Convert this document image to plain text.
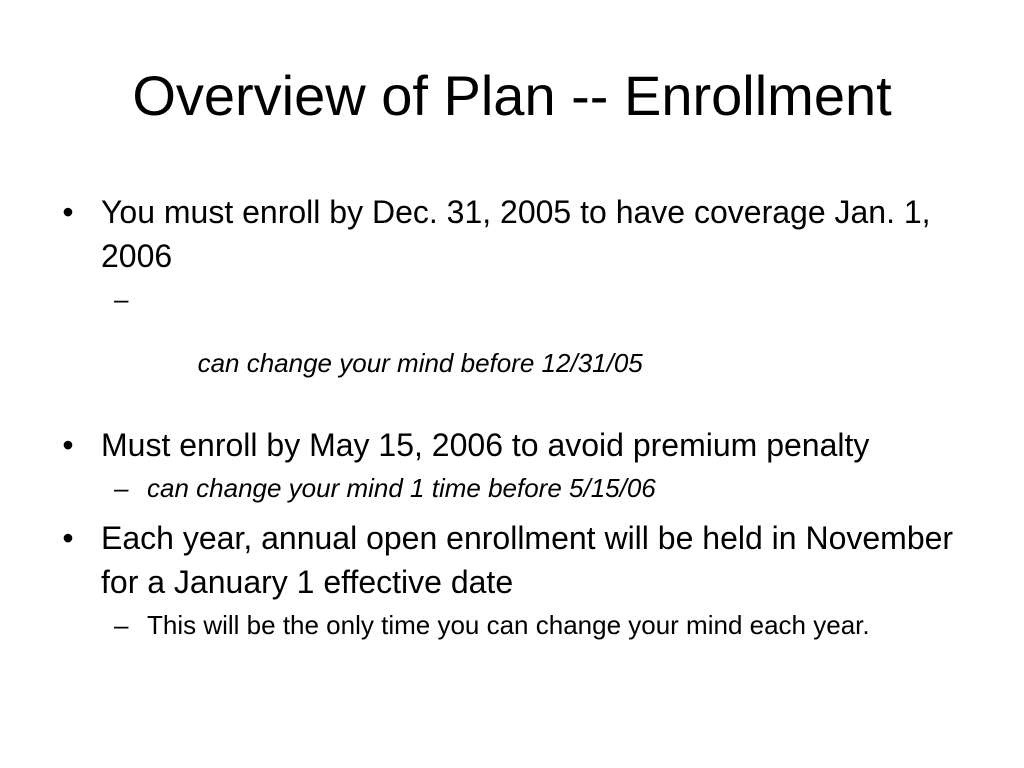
Overview of Plan -- Enrollment

• You must enroll by Dec. 31, 2005 to have coverage Jan. 1, 2006

–

can change your mind before 12/31/05

• Must enroll by May 15, 2006 to avoid premium penalty

– can change your mind 1 time before 5/15/06

• Each year, annual open enrollment will be held in November for a January 1 effective date

– This will be the only time you can change your mind each year.
